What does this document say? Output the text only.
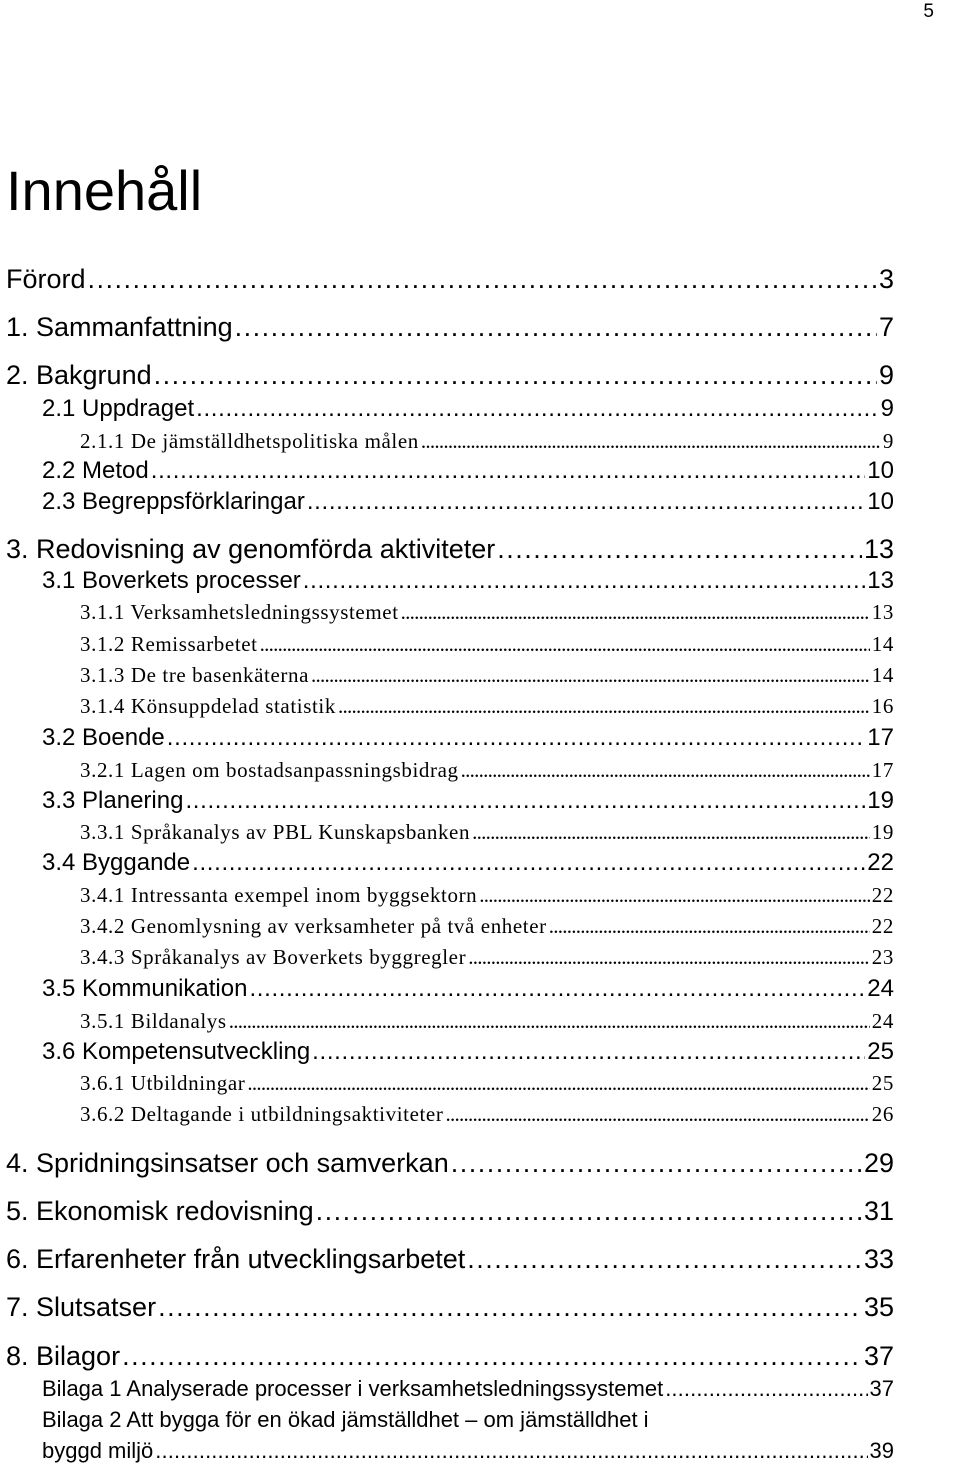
5
Innehåll
Förord . . .	3
1. Sammanfattning . . .	7
2. Bakgrund . . .	9
2.1 Uppdraget . . .	9
2.1.1 De jämställdhetspolitiska målen . . .	9
2.2 Metod . . .	10
2.3 Begreppsförklaringar . . .	10
3. Redovisning av genomförda aktiviteter . . .	13
3.1 Boverkets processer . . .	13
3.1.1 Verksamhetsledningssystemet . . .	13
3.1.2 Remissarbetet . . .	14
3.1.3 De tre basenkäterna . . .	14
3.1.4 Könsuppdelad statistik . . .	16
3.2 Boende . . .	17
3.2.1 Lagen om bostadsanpassningsbidrag . . .	17
3.3 Planering . . .	19
3.3.1 Språkanalys av PBL Kunskapsbanken . . .	19
3.4 Byggande . . .	22
3.4.1 Intressanta exempel inom byggsektorn . . .	22
3.4.2 Genomlysning av verksamheter på två enheter . . .	22
3.4.3 Språkanalys av Boverkets byggregler . . .	23
3.5 Kommunikation . . .	24
3.5.1 Bildanalys . . .	24
3.6 Kompetensutveckling . . .	25
3.6.1 Utbildningar . . .	25
3.6.2 Deltagande i utbildningsaktiviteter . . .	26
4. Spridningsinsatser och samverkan . . .	29
5. Ekonomisk redovisning . . .	31
6. Erfarenheter från utvecklingsarbetet . . .	33
7. Slutsatser . . .	35
8. Bilagor . . .	37
Bilaga 1 Analyserade processer i verksamhetsledningssystemet . . .	37
Bilaga 2 Att bygga för en ökad jämställdhet – om jämställdhet i
byggd miljö . . .	39
